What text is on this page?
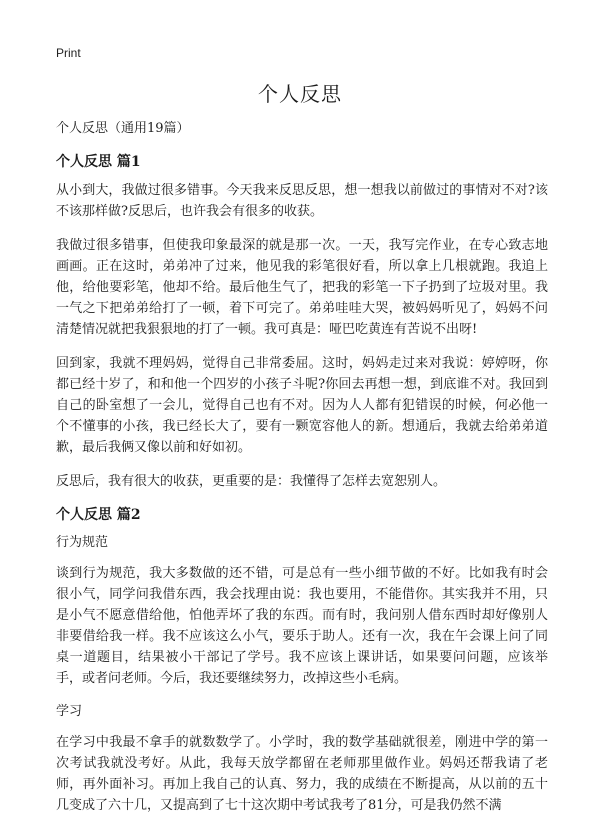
Print
个人反思

个人反思（通用19篇）

个人反思 篇1

从小到大，我做过很多错事。今天我来反思反思，想一想我以前做过的事情对不对?该不该那样做?反思后，也许我会有很多的收获。

我做过很多错事，但使我印象最深的就是那一次。一天，我写完作业，在专心致志地画画。正在这时，弟弟冲了过来，他见我的彩笔很好看，所以拿上几根就跑。我追上他，给他要彩笔，他却不给。最后他生气了，把我的彩笔一下子扔到了垃圾对里。我一气之下把弟弟给打了一顿，着下可完了。弟弟哇哇大哭，被妈妈听见了，妈妈不问清楚情况就把我狠狠地的打了一顿。我可真是：哑巴吃黄连有苦说不出呀!

回到家，我就不理妈妈，觉得自己非常委屈。这时，妈妈走过来对我说：婷婷呀，你都已经十岁了，和和他一个四岁的小孩子斗呢?你回去再想一想，到底谁不对。我回到自己的卧室想了一会儿，觉得自己也有不对。因为人人都有犯错误的时候，何必他一个不懂事的小孩，我已经长大了，要有一颗宽容他人的新。想通后，我就去给弟弟道歉，最后我俩又像以前和好如初。

反思后，我有很大的收获，更重要的是：我懂得了怎样去宽恕别人。

个人反思 篇2

行为规范

谈到行为规范，我大多数做的还不错，可是总有一些小细节做的不好。比如我有时会很小气，同学问我借东西，我会找理由说：我也要用，不能借你。其实我并不用，只是小气不愿意借给他，怕他弄坏了我的东西。而有时，我问别人借东西时却好像别人非要借给我一样。我不应该这么小气，要乐于助人。还有一次，我在午会课上问了同桌一道题目，结果被小干部记了学号。我不应该上课讲话，如果要问问题，应该举手，或者问老师。今后，我还要继续努力，改掉这些小毛病。

学习

在学习中我最不拿手的就数数学了。小学时，我的数学基础就很差，刚进中学的第一次考试我就没考好。从此，我每天放学都留在老师那里做作业。妈妈还帮我请了老师，再外面补习。再加上我自己的认真、努力，我的成绩在不断提高，从以前的五十几变成了六十几，又提高到了七十这次期中考试我考了81分，可是我仍然不满
